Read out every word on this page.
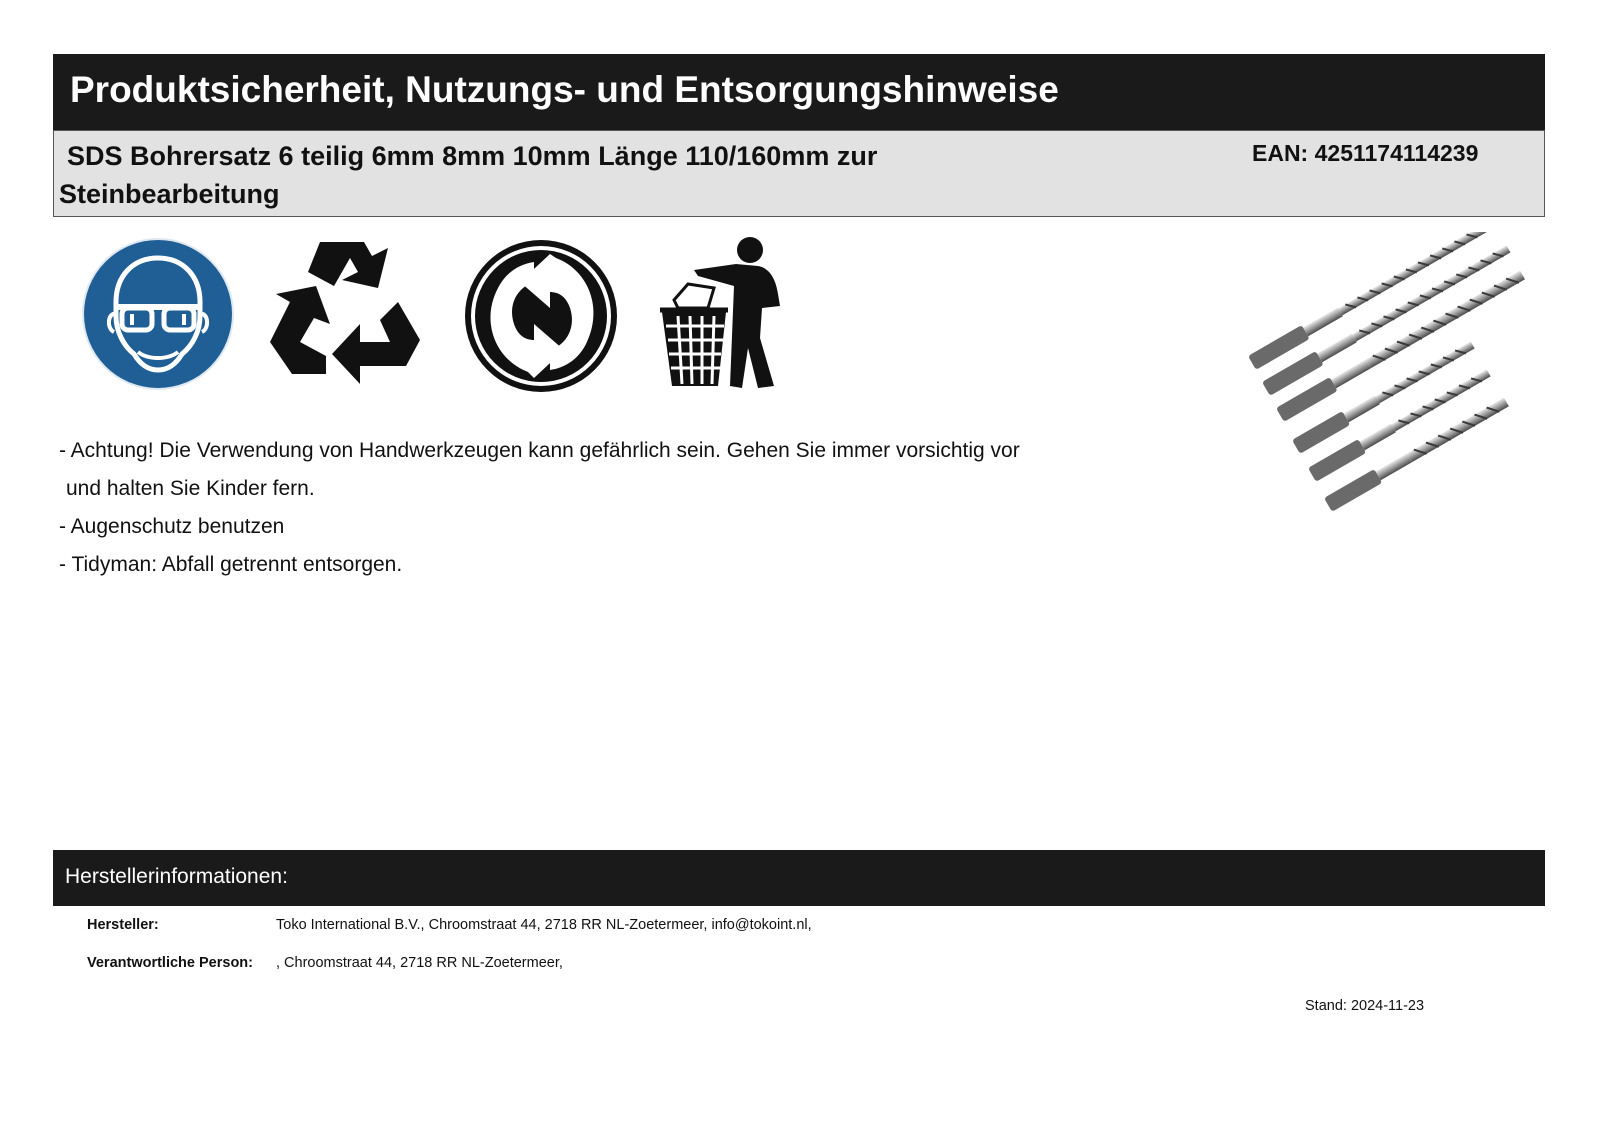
Produktsicherheit, Nutzungs- und Entsorgungshinweise
SDS Bohrersatz 6 teilig 6mm 8mm 10mm Länge 110/160mm zur Steinbearbeitung
EAN: 4251174114239

- Achtung! Die Verwendung von Handwerkzeugen kann gefährlich sein. Gehen Sie immer vorsichtig vor

und halten Sie Kinder fern.

- Augenschutz benutzen

- Tidyman: Abfall getrennt entsorgen.

Herstellerinformationen:
Hersteller:	Toko International B.V., Chroomstraat 44, 2718 RR NL-Zoetermeer, info@tokoint.nl,
Verantwortliche Person: , Chroomstraat 44, 2718 RR NL-Zoetermeer,
Stand: 2024-11-23
